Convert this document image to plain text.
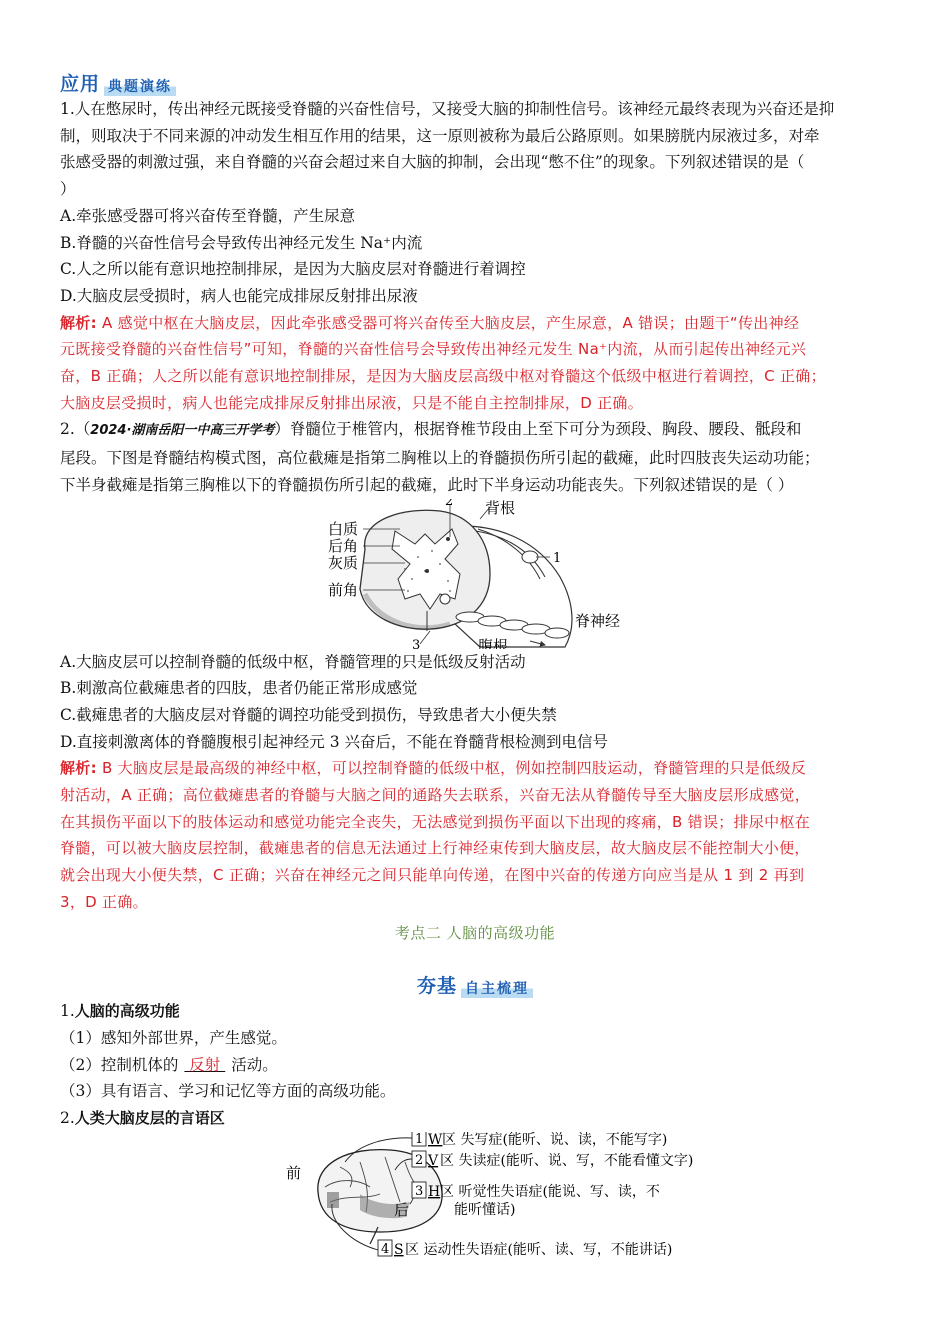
应用 典题演练
1.人在憋尿时，传出神经元既接受脊髓的兴奋性信号，又接受大脑的抑制性信号。该神经元最终表现为兴奋还是抑
制，则取决于不同来源的冲动发生相互作用的结果，这一原则被称为最后公路原则。如果膀胱内尿液过多，对牵
张感受器的刺激过强，来自脊髓的兴奋会超过来自大脑的抑制，会出现“憋不住”的现象。下列叙述错误的是（
）
A.牵张感受器可将兴奋传至脊髓，产生尿意
B.脊髓的兴奋性信号会导致传出神经元发生 Na⁺内流
C.人之所以能有意识地控制排尿，是因为大脑皮层对脊髓进行着调控
D.大脑皮层受损时，病人也能完成排尿反射排出尿液
解析: A 感觉中枢在大脑皮层，因此牵张感受器可将兴奋传至大脑皮层，产生尿意，A 错误；由题干“传出神经
元既接受脊髓的兴奋性信号”可知，脊髓的兴奋性信号会导致传出神经元发生 Na⁺内流，从而引起传出神经元兴
奋，B 正确；人之所以能有意识地控制排尿，是因为大脑皮层高级中枢对脊髓这个低级中枢进行着调控，C 正确；
大脑皮层受损时，病人也能完成排尿反射排出尿液，只是不能自主控制排尿，D 正确。
2.（2024·湖南岳阳一中高三开学考）脊髓位于椎管内，根据脊椎节段由上至下可分为颈段、胸段、腰段、骶段和
尾段。下图是脊髓结构模式图，高位截瘫是指第二胸椎以上的脊髓损伤所引起的截瘫，此时四肢丧失运动功能；
下半身截瘫是指第三胸椎以下的脊髓损伤所引起的截瘫，此时下半身运动功能丧失。下列叙述错误的是（ ）
白质
后角
灰质
前角
2
1
3
背根
脊神经
腹根
A.大脑皮层可以控制脊髓的低级中枢，脊髓管理的只是低级反射活动
B.刺激高位截瘫患者的四肢，患者仍能正常形成感觉
C.截瘫患者的大脑皮层对脊髓的调控功能受到损伤，导致患者大小便失禁
D.直接刺激离体的脊髓腹根引起神经元 3 兴奋后，不能在脊髓背根检测到电信号
解析: B 大脑皮层是最高级的神经中枢，可以控制脊髓的低级中枢，例如控制四肢运动，脊髓管理的只是低级反
射活动，A 正确；高位截瘫患者的脊髓与大脑之间的通路失去联系，兴奋无法从脊髓传导至大脑皮层形成感觉，
在其损伤平面以下的肢体运动和感觉功能完全丧失，无法感觉到损伤平面以下出现的疼痛，B 错误；排尿中枢在
脊髓，可以被大脑皮层控制，截瘫患者的信息无法通过上行神经束传到大脑皮层，故大脑皮层不能控制大小便，
就会出现大小便失禁，C 正确；兴奋在神经元之间只能单向传递，在图中兴奋的传递方向应当是从 1 到 2 再到
3，D 正确。
考点二 人脑的高级功能
夯基 自主梳理
1.人脑的高级功能
（1）感知外部世界，产生感觉。
（2）控制机体的 反射 活动。
（3）具有语言、学习和记忆等方面的高级功能。
2.人类大脑皮层的言语区
前
后
1 W 区 失写症(能听、说、读，不能写字)
2 V 区 失读症(能听、说、写，不能看懂文字)
3 H 区 听觉性失语症(能说、写、读，不
能听懂话)
4 S 区 运动性失语症(能听、读、写，不能讲话)
